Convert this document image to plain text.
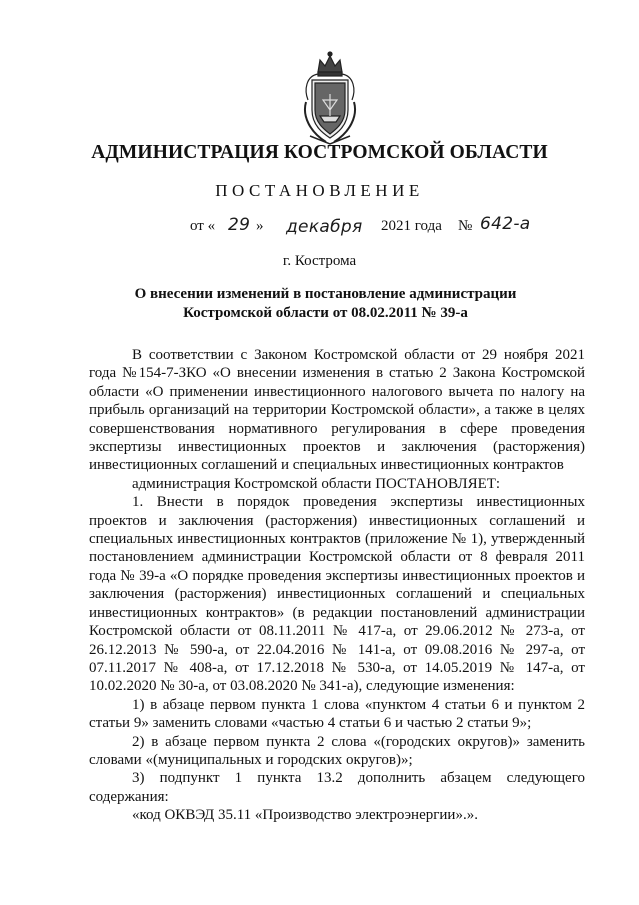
АДМИНИСТРАЦИЯ КОСТРОМСКОЙ ОБЛАСТИ
ПОСТАНОВЛЕНИЕ
от « 29 » декабря 2021 года № 642-а
г. Кострома
О внесении изменений в постановление администрации
Костромской области от 08.02.2011 № 39-а

В соответствии с Законом Костромской области от 29 ноября 2021 года №154-7-ЗКО «О внесении изменения в статью 2 Закона Костромской области «О применении инвестиционного налогового вычета по налогу на прибыль организаций на территории Костромской области», а также в целях совершенствования нормативного регулирования в сфере проведения экспертизы инвестиционных проектов и заключения (расторжения) инвестиционных соглашений и специальных инвестиционных контрактов

администрация Костромской области ПОСТАНОВЛЯЕТ:

1. Внести в порядок проведения экспертизы инвестиционных проектов и заключения (расторжения) инвестиционных соглашений и специальных инвестиционных контрактов (приложение № 1), утвержденный постановлением администрации Костромской области от 8 февраля 2011 года № 39-а «О порядке проведения экспертизы инвестиционных проектов и заключения (расторжения) инвестиционных соглашений и специальных инвестиционных контрактов» (в редакции постановлений администрации Костромской области от 08.11.2011 № 417-а, от 29.06.2012 № 273-а, от 26.12.2013 № 590-а, от 22.04.2016 № 141-а, от 09.08.2016 № 297-а, от 07.11.2017 № 408-а, от 17.12.2018 № 530-а, от 14.05.2019 № 147-а, от 10.02.2020 № 30-а, от 03.08.2020 № 341-а), следующие изменения:

1) в абзаце первом пункта 1 слова «пунктом 4 статьи 6 и пунктом 2 статьи 9» заменить словами «частью 4 статьи 6 и частью 2 статьи 9»;

2) в абзаце первом пункта 2 слова «(городских округов)» заменить словами «(муниципальных и городских округов)»;

3) подпункт 1 пункта 13.2 дополнить абзацем следующего содержания:

«код ОКВЭД 35.11 «Производство электроэнергии».».
